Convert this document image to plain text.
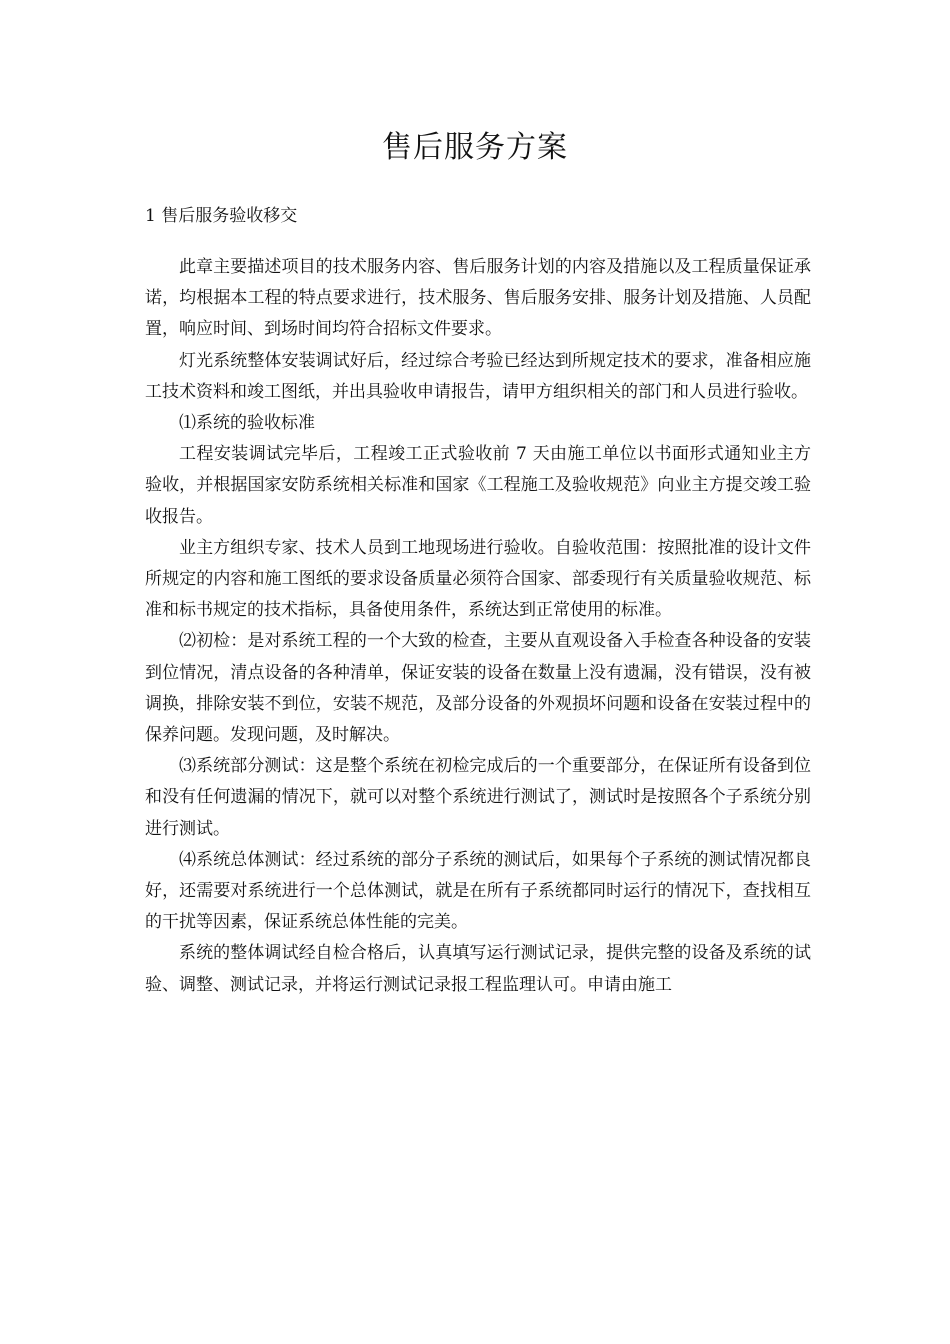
售后服务方案
1 售后服务验收移交

此章主要描述项目的技术服务内容、售后服务计划的内容及措施以及工程质量保证承诺，均根据本工程的特点要求进行，技术服务、售后服务安排、服务计划及措施、人员配置，响应时间、到场时间均符合招标文件要求。

灯光系统整体安装调试好后，经过综合考验已经达到所规定技术的要求，准备相应施工技术资料和竣工图纸，并出具验收申请报告，请甲方组织相关的部门和人员进行验收。

⑴系统的验收标准

工程安装调试完毕后，工程竣工正式验收前 7 天由施工单位以书面形式通知业主方验收，并根据国家安防系统相关标准和国家《工程施工及验收规范》向业主方提交竣工验收报告。

业主方组织专家、技术人员到工地现场进行验收。自验收范围：按照批准的设计文件所规定的内容和施工图纸的要求设备质量必须符合国家、部委现行有关质量验收规范、标准和标书规定的技术指标，具备使用条件，系统达到正常使用的标准。

⑵初检：是对系统工程的一个大致的检查，主要从直观设备入手检查各种设备的安装到位情况，清点设备的各种清单，保证安装的设备在数量上没有遗漏，没有错误，没有被调换，排除安装不到位，安装不规范，及部分设备的外观损坏问题和设备在安装过程中的保养问题。发现问题，及时解决。

⑶系统部分测试：这是整个系统在初检完成后的一个重要部分，在保证所有设备到位和没有任何遗漏的情况下，就可以对整个系统进行测试了，测试时是按照各个子系统分别进行测试。

⑷系统总体测试：经过系统的部分子系统的测试后，如果每个子系统的测试情况都良好，还需要对系统进行一个总体测试，就是在所有子系统都同时运行的情况下，查找相互的干扰等因素，保证系统总体性能的完美。

系统的整体调试经自检合格后，认真填写运行测试记录，提供完整的设备及系统的试验、调整、测试记录，并将运行测试记录报工程监理认可。申请由施工
